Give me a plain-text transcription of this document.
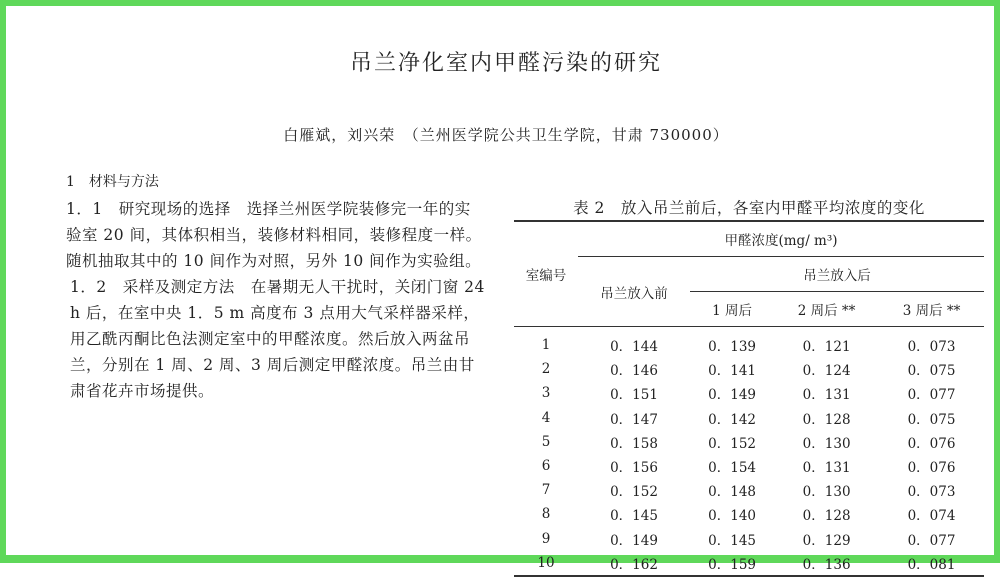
吊兰净化室内甲醛污染的研究
白雁斌，刘兴荣　（兰州医学院公共卫生学院，甘肃 730000）
1　材料与方法

1．1　研究现场的选择　选择兰州医学院装修完一年的实验室 20 间，其体积相当，装修材料相同，装修程度一样。随机抽取其中的 10 间作为对照，另外 10 间作为实验组。

1．2　采样及测定方法　在暑期无人干扰时，关闭门窗 24 h 后，在室中央 1．5 m 高度布 3 点用大气采样器采样，用乙酰丙酮比色法测定室中的甲醛浓度。然后放入两盆吊兰，分别在 1 周、2 周、3 周后测定甲醛浓度。吊兰由甘肃省花卉市场提供。

表 2　放入吊兰前后，各室内甲醛平均浓度的变化
室编号	甲醛浓度(mg/ m³)			
	吊兰放入前	吊兰放入后		
		1 周后	2 周后 **	3 周后 **

1	0．144	0．139	0．121	0．073
2	0．146	0．141	0．124	0．075
3	0．151	0．149	0．131	0．077
4	0．147	0．142	0．128	0．075
5	0．158	0．152	0．130	0．076
6	0．156	0．154	0．131	0．076
7	0．152	0．148	0．130	0．073
8	0．145	0．140	0．128	0．074
9	0．149	0．145	0．129	0．077
10	0．162	0．159	0．136	0．081
